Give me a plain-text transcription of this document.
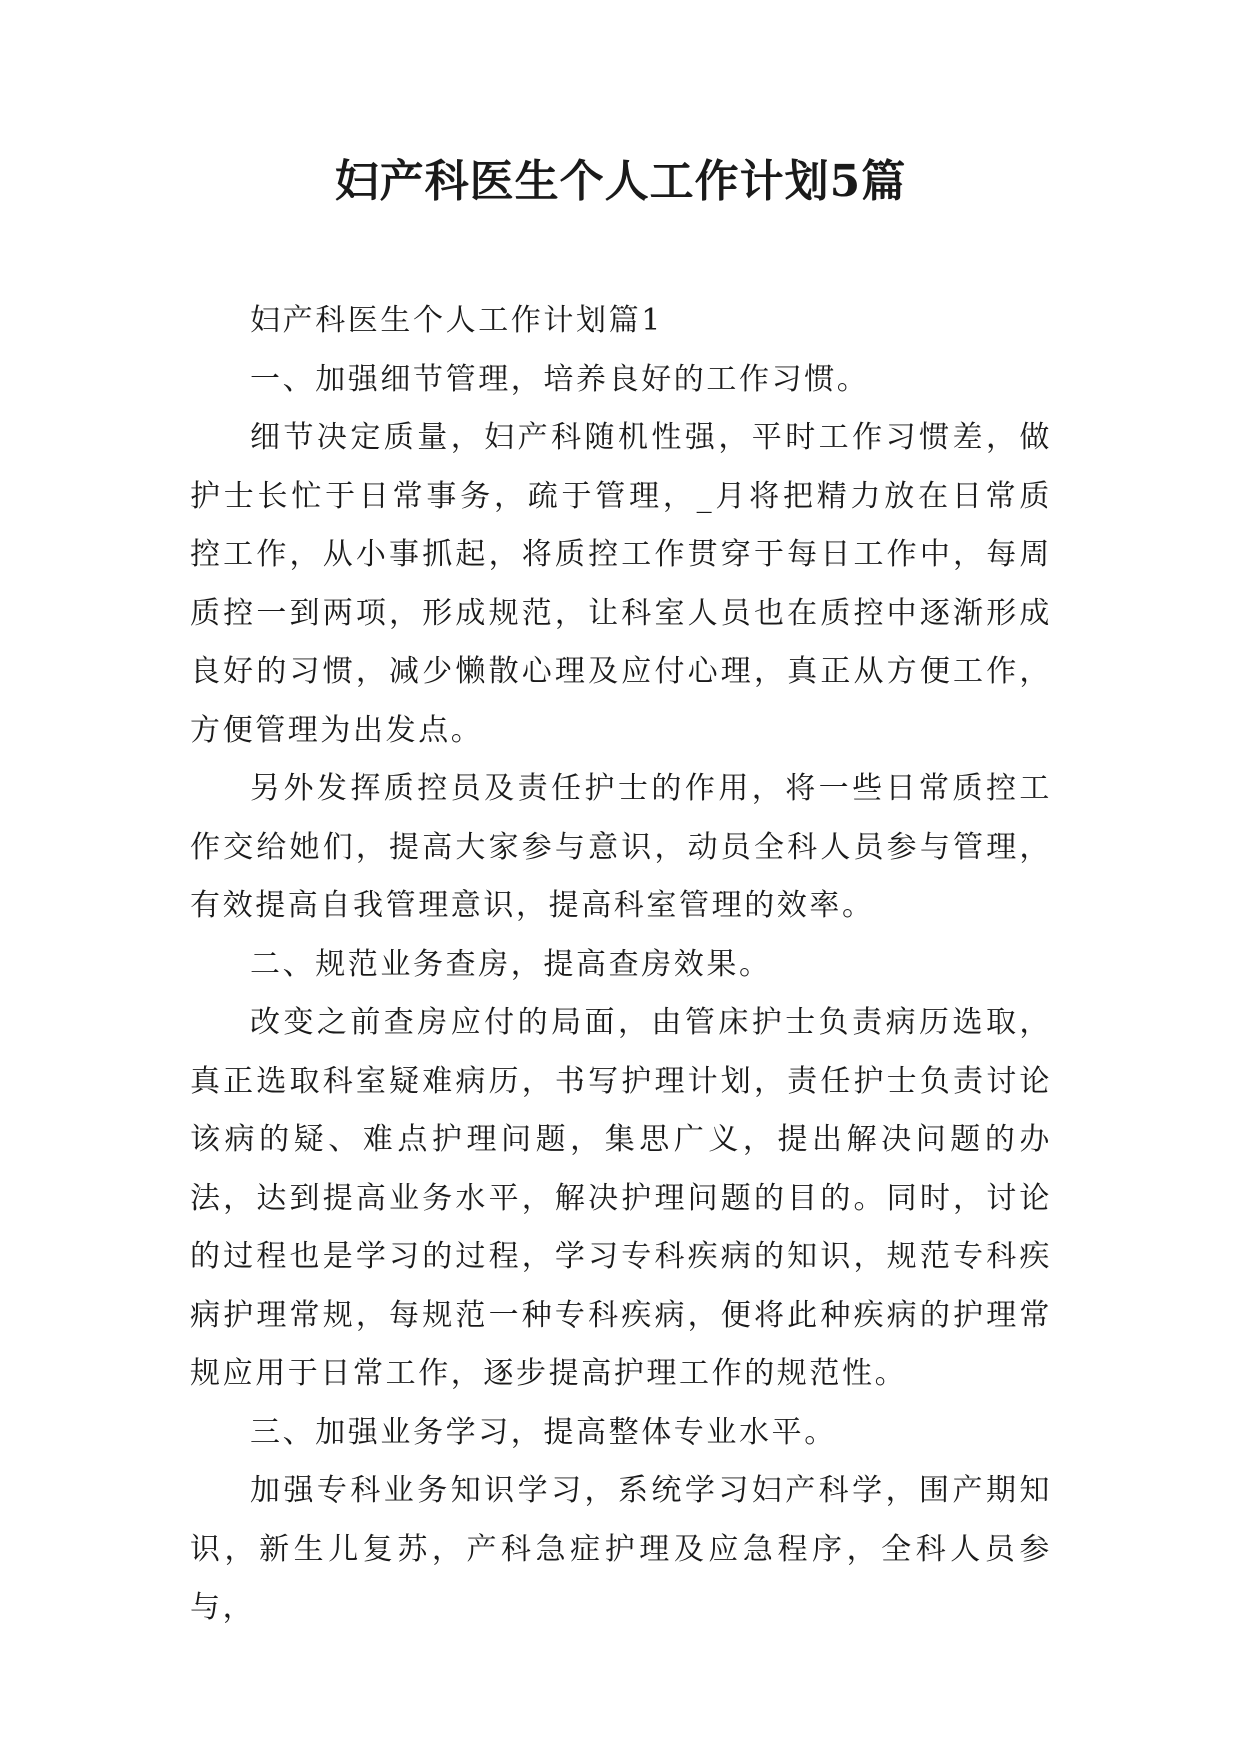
妇产科医生个人工作计划5篇

妇产科医生个人工作计划篇1

一、加强细节管理，培养良好的工作习惯。

细节决定质量，妇产科随机性强，平时工作习惯差，做护士长忙于日常事务，疏于管理，_月将把精力放在日常质控工作，从小事抓起，将质控工作贯穿于每日工作中，每周质控一到两项，形成规范，让科室人员也在质控中逐渐形成良好的习惯，减少懒散心理及应付心理，真正从方便工作，方便管理为出发点。

另外发挥质控员及责任护士的作用，将一些日常质控工作交给她们，提高大家参与意识，动员全科人员参与管理，有效提高自我管理意识，提高科室管理的效率。

二、规范业务查房，提高查房效果。

改变之前查房应付的局面，由管床护士负责病历选取，真正选取科室疑难病历，书写护理计划，责任护士负责讨论该病的疑、难点护理问题，集思广义，提出解决问题的办法，达到提高业务水平，解决护理问题的目的。同时，讨论的过程也是学习的过程，学习专科疾病的知识，规范专科疾病护理常规，每规范一种专科疾病，便将此种疾病的护理常规应用于日常工作，逐步提高护理工作的规范性。

三、加强业务学习，提高整体专业水平。

加强专科业务知识学习，系统学习妇产科学，围产期知识，新生儿复苏，产科急症护理及应急程序，全科人员参与，
